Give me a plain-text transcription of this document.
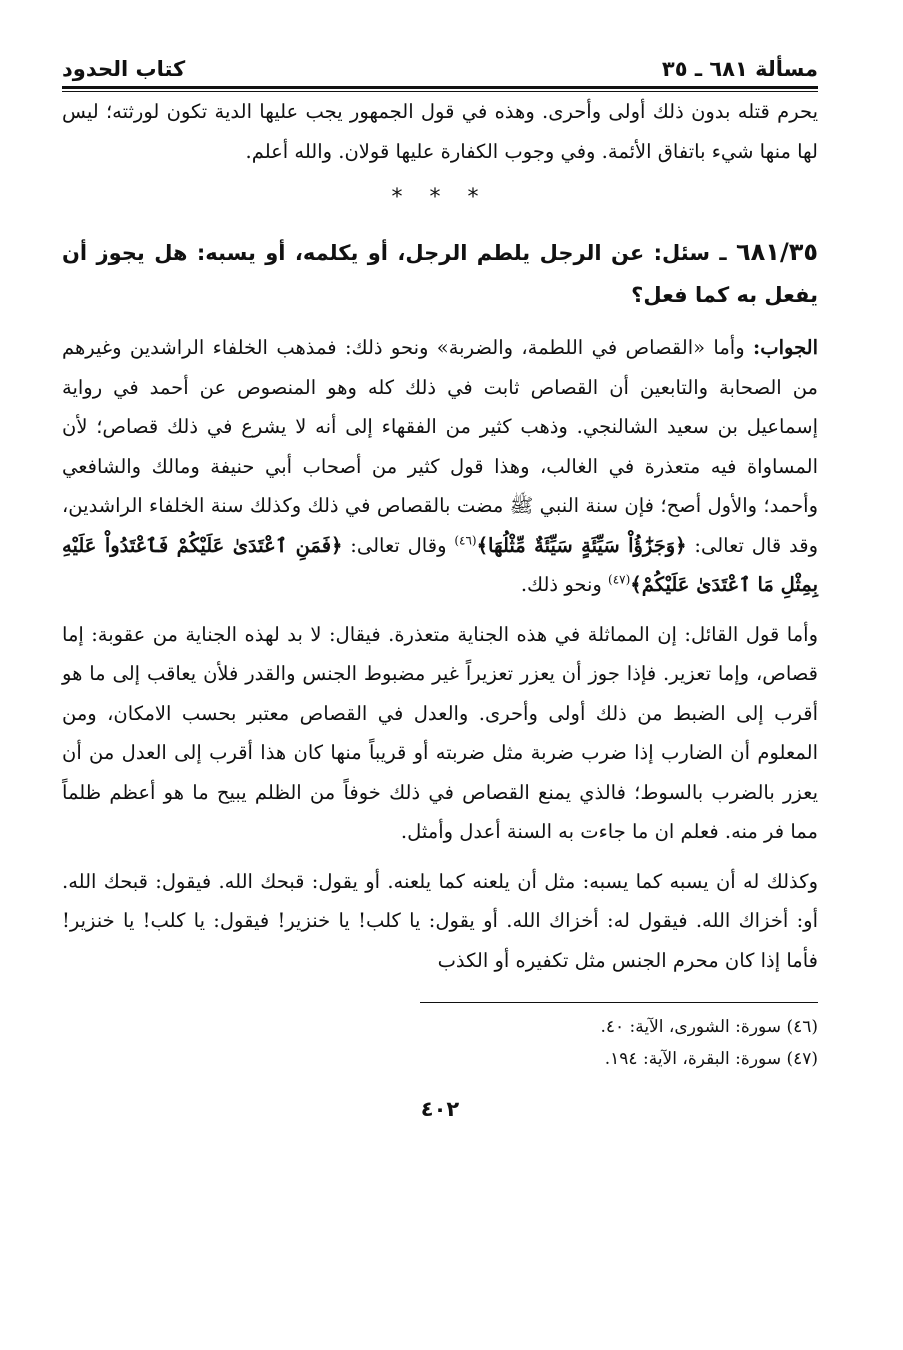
مسألة ٦٨١ ـ ٣٥
كتاب الحدود

يحرم قتله بدون ذلك أولى وأحرى. وهذه في قول الجمهور يجب عليها الدية تكون لورثته؛ ليس لها منها شيء باتفاق الأئمة. وفي وجوب الكفارة عليها قولان. والله أعلم.

* * *

٦٨١/٣٥ ـ سئل: عن الرجل يلطم الرجل، أو يكلمه، أو يسبه: هل يجوز أن يفعل به كما فعل؟

الجواب: وأما «القصاص في اللطمة، والضربة» ونحو ذلك: فمذهب الخلفاء الراشدين وغيرهم من الصحابة والتابعين أن القصاص ثابت في ذلك كله وهو المنصوص عن أحمد في رواية إسماعيل بن سعيد الشالنجي. وذهب كثير من الفقهاء إلى أنه لا يشرع في ذلك قصاص؛ لأن المساواة فيه متعذرة في الغالب، وهذا قول كثير من أصحاب أبي حنيفة ومالك والشافعي وأحمد؛ والأول أصح؛ فإن سنة النبي ﷺ مضت بالقصاص في ذلك وكذلك سنة الخلفاء الراشدين، وقد قال تعالى: ﴿وَجَزَٰٓؤُاْ سَيِّئَةٍ سَيِّئَةٌ مِّثْلُهَا﴾$^{(٤٦)}$ وقال تعالى: ﴿فَمَنِ ٱعْتَدَىٰ عَلَيْكُمْ فَٱعْتَدُواْ عَلَيْهِ بِمِثْلِ مَا ٱعْتَدَىٰ عَلَيْكُمْ﴾$^{(٤٧)}$ ونحو ذلك.

وأما قول القائل: إن المماثلة في هذه الجناية متعذرة. فيقال: لا بد لهذه الجناية من عقوبة: إما قصاص، وإما تعزير. فإذا جوز أن يعزر تعزيراً غير مضبوط الجنس والقدر فلأن يعاقب إلى ما هو أقرب إلى الضبط من ذلك أولى وأحرى. والعدل في القصاص معتبر بحسب الامكان، ومن المعلوم أن الضارب إذا ضرب ضربة مثل ضربته أو قريباً منها كان هذا أقرب إلى العدل من أن يعزر بالضرب بالسوط؛ فالذي يمنع القصاص في ذلك خوفاً من الظلم يبيح ما هو أعظم ظلماً مما فر منه. فعلم ان ما جاءت به السنة أعدل وأمثل.

وكذلك له أن يسبه كما يسبه: مثل أن يلعنه كما يلعنه. أو يقول: قبحك الله. فيقول: قبحك الله. أو: أخزاك الله. فيقول له: أخزاك الله. أو يقول: يا كلب! يا خنزير! فيقول: يا كلب! يا خنزير! فأما إذا كان محرم الجنس مثل تكفيره أو الكذب

(٤٦) سورة: الشورى، الآية: ٤٠.
(٤٧) سورة: البقرة، الآية: ١٩٤.
٤٠٢
